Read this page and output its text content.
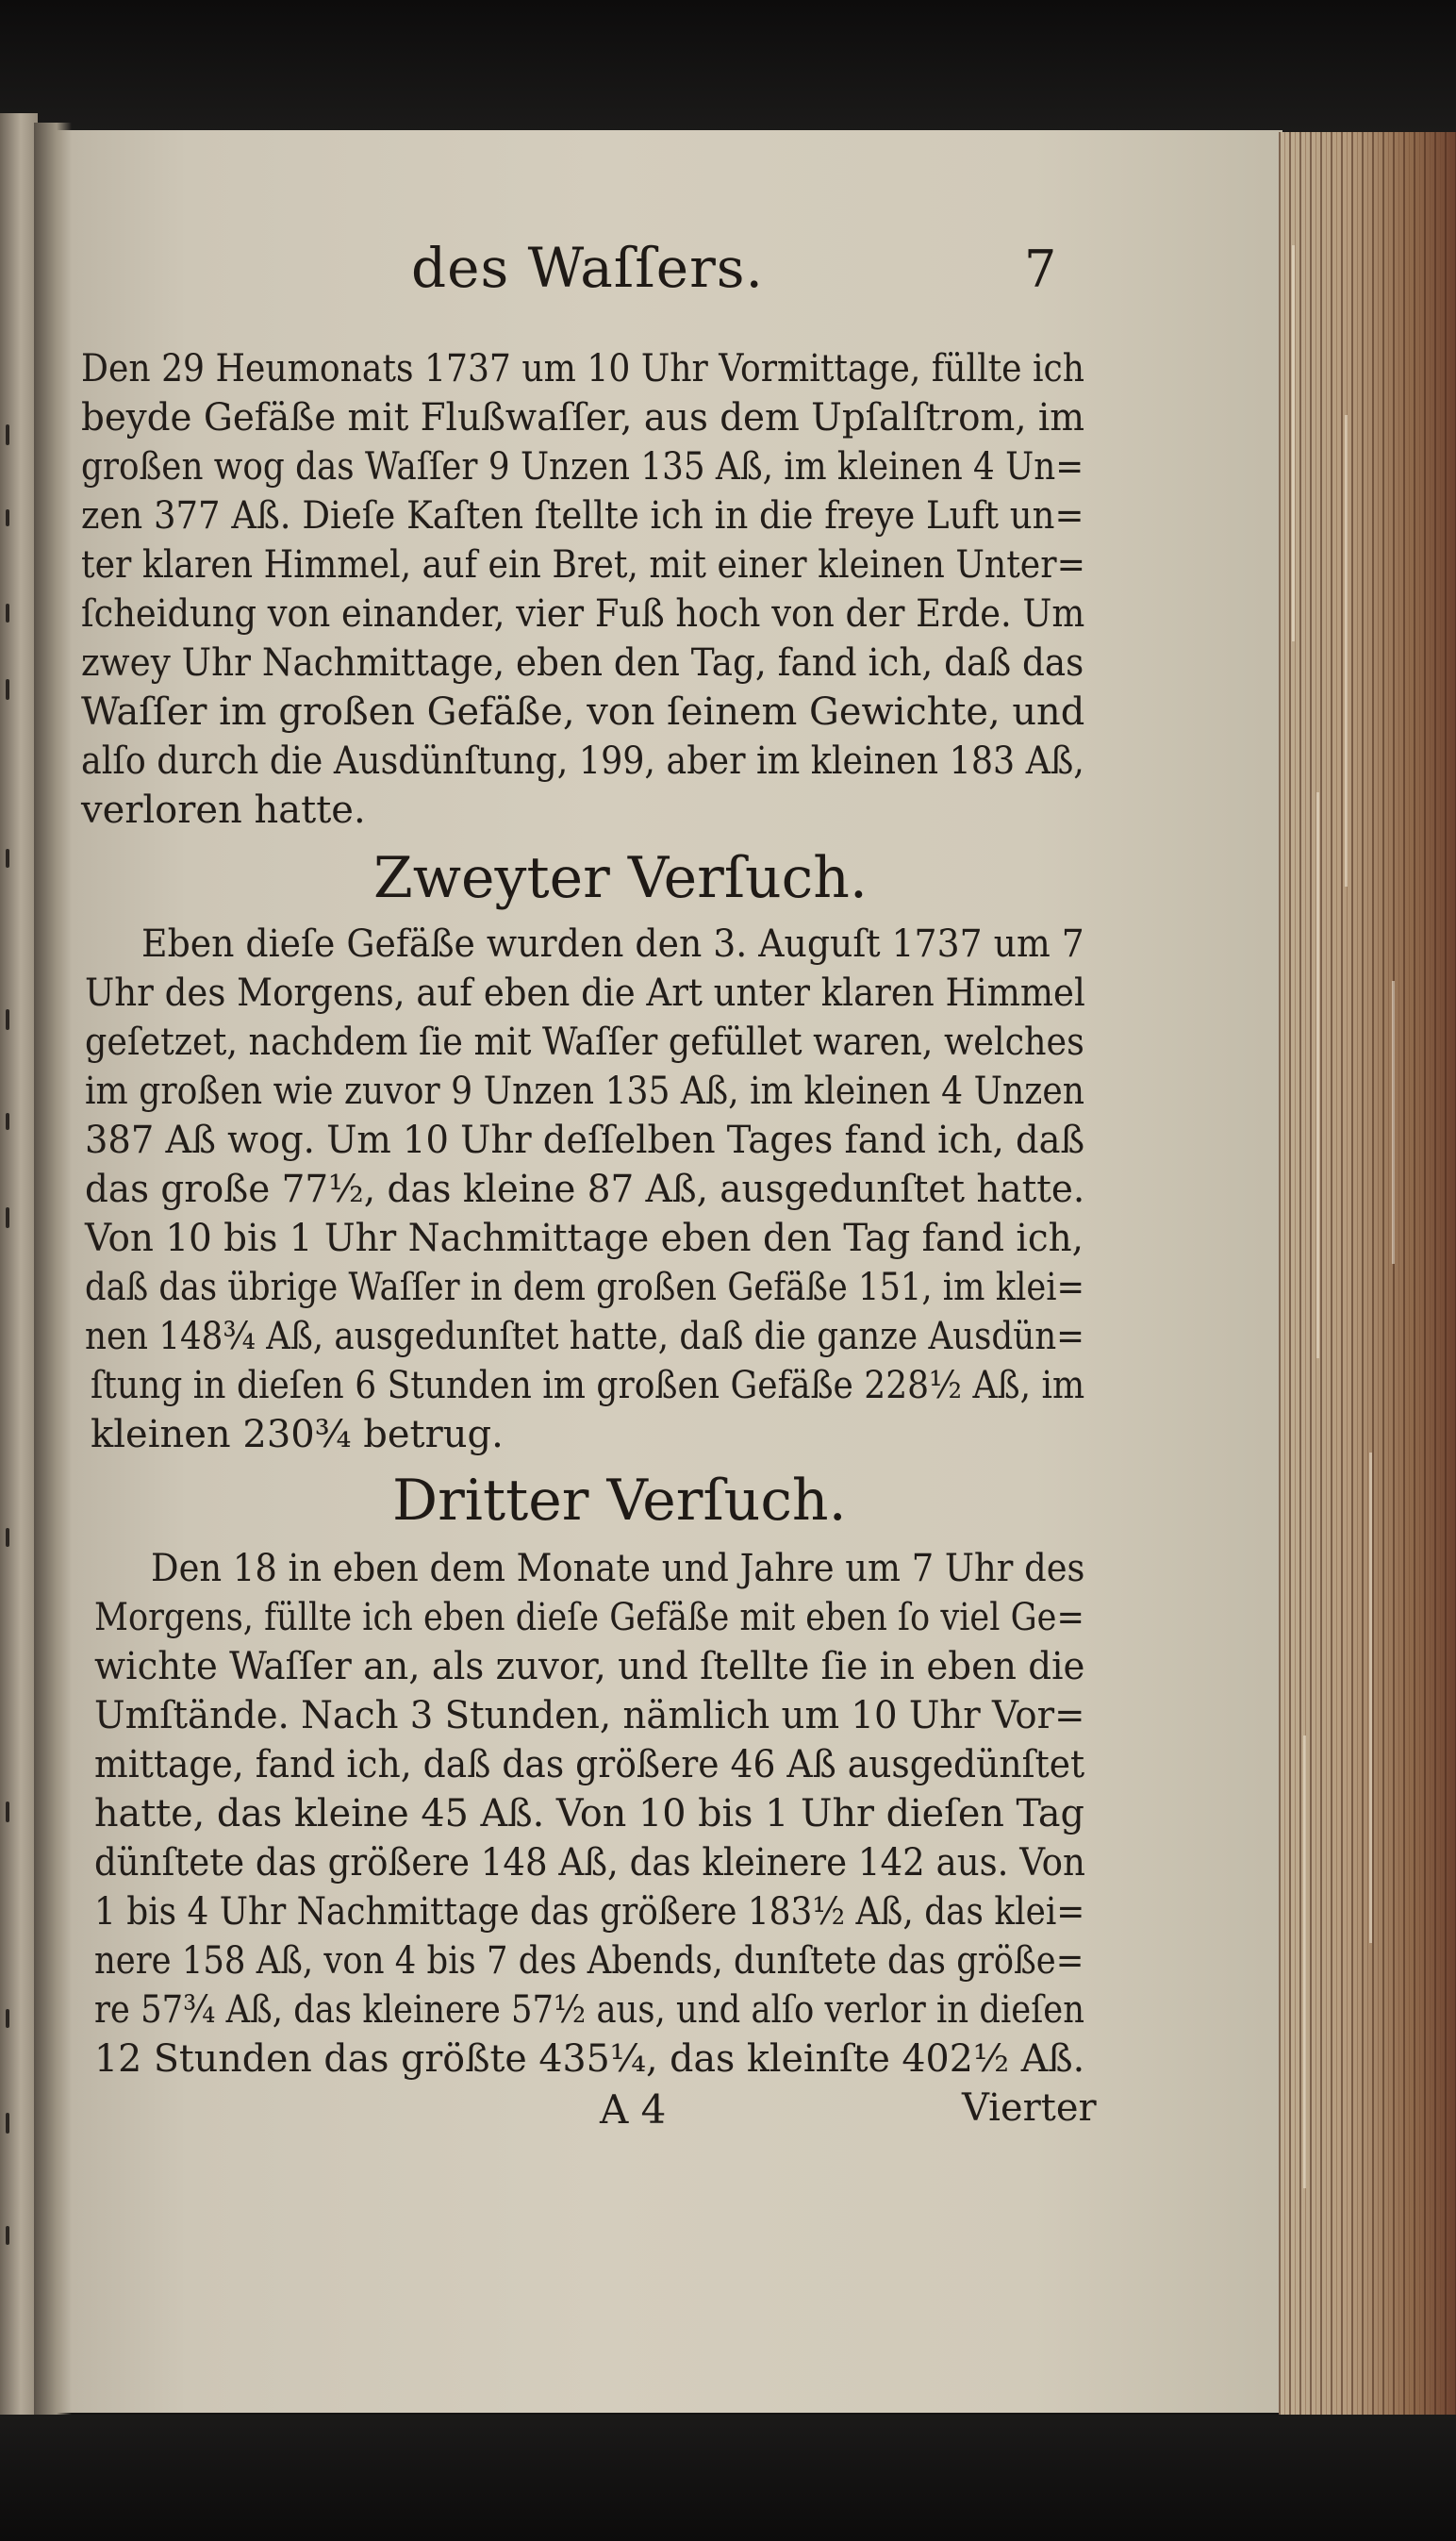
des Waſſers.	7
Den 29 Heumonats 1737 um 10 Uhr Vormittage, füllte ich
beyde Gefäße mit Flußwaſſer, aus dem Upſalſtrom, im
großen wog das Waſſer 9 Unzen 135 Aß, im kleinen 4 Un=
zen 377 Aß. Dieſe Kaſten ſtellte ich in die freye Luft un=
ter klaren Himmel, auf ein Bret, mit einer kleinen Unter=
ſcheidung von einander, vier Fuß hoch von der Erde. Um
zwey Uhr Nachmittage, eben den Tag, fand ich, daß das
Waſſer im großen Gefäße, von ſeinem Gewichte, und
alſo durch die Ausdünſtung, 199, aber im kleinen 183 Aß,
verloren hatte.
Zweyter Verſuch.
Eben dieſe Gefäße wurden den 3. Auguſt 1737 um 7
Uhr des Morgens, auf eben die Art unter klaren Himmel
geſetzet, nachdem ſie mit Waſſer gefüllet waren, welches
im großen wie zuvor 9 Unzen 135 Aß, im kleinen 4 Unzen
387 Aß wog. Um 10 Uhr deſſelben Tages fand ich, daß
das große 77½, das kleine 87 Aß, ausgedunſtet hatte.
Von 10 bis 1 Uhr Nachmittage eben den Tag fand ich,
daß das übrige Waſſer in dem großen Gefäße 151, im klei=
nen 148¾ Aß, ausgedunſtet hatte, daß die ganze Ausdün=
ſtung in dieſen 6 Stunden im großen Gefäße 228½ Aß, im
kleinen 230¾ betrug.
Dritter Verſuch.
Den 18 in eben dem Monate und Jahre um 7 Uhr des
Morgens, füllte ich eben dieſe Gefäße mit eben ſo viel Ge=
wichte Waſſer an, als zuvor, und ſtellte ſie in eben die
Umſtände. Nach 3 Stunden, nämlich um 10 Uhr Vor=
mittage, fand ich, daß das größere 46 Aß ausgedünſtet
hatte, das kleine 45 Aß. Von 10 bis 1 Uhr dieſen Tag
dünſtete das größere 148 Aß, das kleinere 142 aus. Von
1 bis 4 Uhr Nachmittage das größere 183½ Aß, das klei=
nere 158 Aß, von 4 bis 7 des Abends, dunſtete das größe=
re 57¾ Aß, das kleinere 57½ aus, und alſo verlor in dieſen
12 Stunden das größte 435¼, das kleinſte 402½ Aß.
A 4	Vierter
